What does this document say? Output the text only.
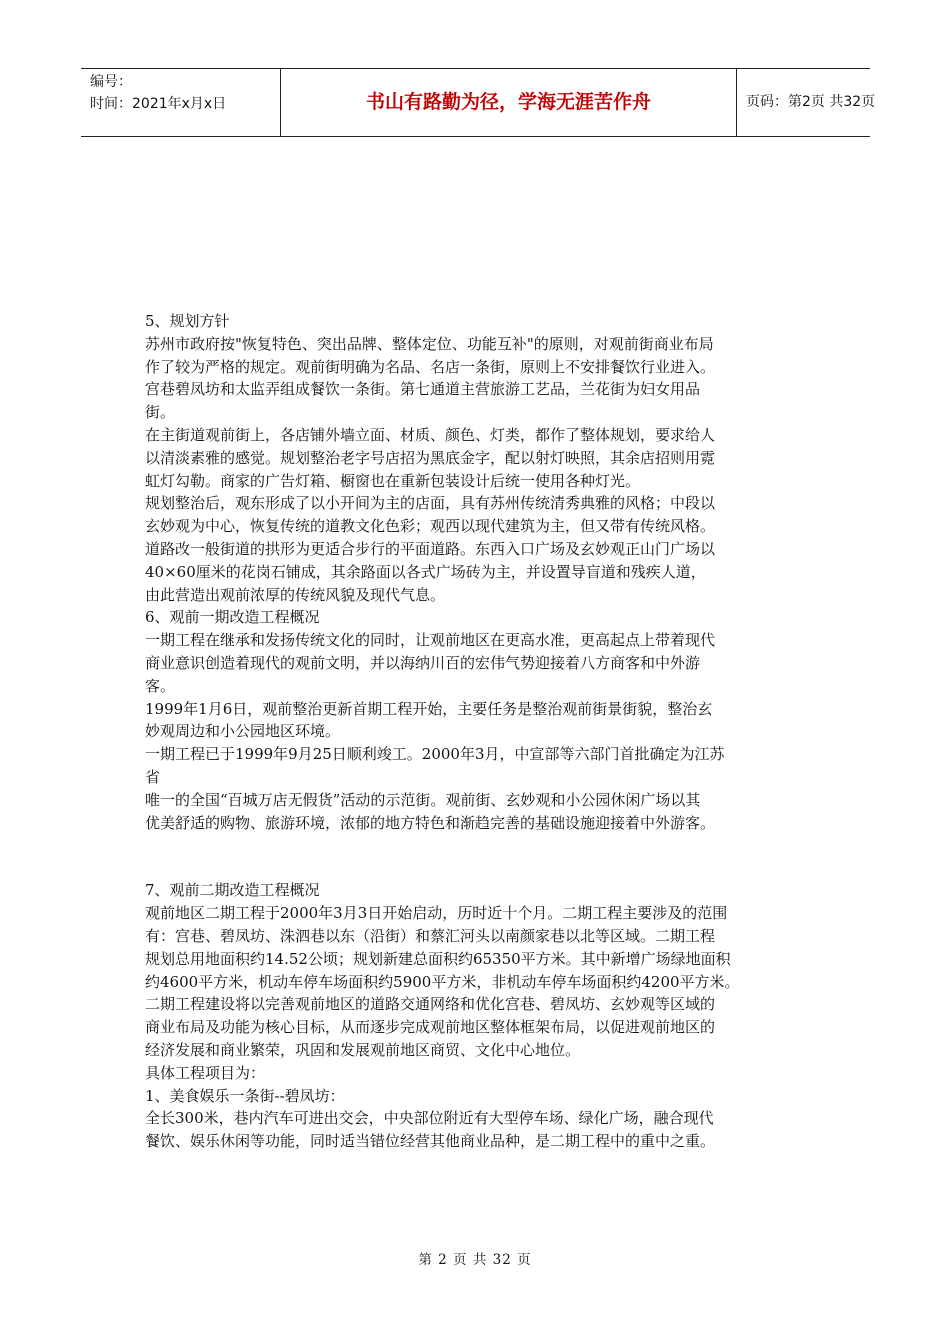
编号：
时间：2021年x月x日	书山有路勤为径，学海无涯苦作舟	页码：第2页 共32页

5、规划方针

苏州市政府按"恢复特色、突出品牌、整体定位、功能互补"的原则，对观前街商业布局

作了较为严格的规定。观前街明确为名品、名店一条街，原则上不安排餐饮行业进入。

宫巷碧凤坊和太监弄组成餐饮一条街。第七通道主营旅游工艺品，兰花街为妇女用品

街。

在主街道观前街上，各店铺外墙立面、材质、颜色、灯类，都作了整体规划，要求给人

以清淡素雅的感觉。规划整治老字号店招为黑底金字，配以射灯映照，其余店招则用霓

虹灯勾勒。商家的广告灯箱、橱窗也在重新包装设计后统一使用各种灯光。

规划整治后，观东形成了以小开间为主的店面，具有苏州传统清秀典雅的风格；中段以

玄妙观为中心，恢复传统的道教文化色彩；观西以现代建筑为主，但又带有传统风格。

道路改一般街道的拱形为更适合步行的平面道路。东西入口广场及玄妙观正山门广场以

40×60厘米的花岗石铺成，其余路面以各式广场砖为主，并设置导盲道和残疾人道，

由此营造出观前浓厚的传统风貌及现代气息。

6、观前一期改造工程概况

一期工程在继承和发扬传统文化的同时，让观前地区在更高水准，更高起点上带着现代

商业意识创造着现代的观前文明，并以海纳川百的宏伟气势迎接着八方商客和中外游

客。

1999年1月6日，观前整治更新首期工程开始，主要任务是整治观前街景街貌，整治玄

妙观周边和小公园地区环境。

一期工程已于1999年9月25日顺利竣工。2000年3月，中宣部等六部门首批确定为江苏

省

唯一的全国“百城万店无假货”活动的示范街。观前街、玄妙观和小公园休闲广场以其

优美舒适的购物、旅游环境，浓郁的地方特色和渐趋完善的基础设施迎接着中外游客。

7、观前二期改造工程概况

观前地区二期工程于2000年3月3日开始启动，历时近十个月。二期工程主要涉及的范围

有：宫巷、碧凤坊、洙泗巷以东（沿街）和蔡汇河头以南颜家巷以北等区域。二期工程

规划总用地面积约14.52公顷；规划新建总面积约65350平方米。其中新增广场绿地面积

约4600平方米，机动车停车场面积约5900平方米，非机动车停车场面积约4200平方米。

二期工程建设将以完善观前地区的道路交通网络和优化宫巷、碧凤坊、玄妙观等区域的

商业布局及功能为核心目标，从而逐步完成观前地区整体框架布局，以促进观前地区的

经济发展和商业繁荣，巩固和发展观前地区商贸、文化中心地位。

具体工程项目为：

1、美食娱乐一条街--碧凤坊：

全长300米，巷内汽车可进出交会，中央部位附近有大型停车场、绿化广场，融合现代

餐饮、娱乐休闲等功能，同时适当错位经营其他商业品种，是二期工程中的重中之重。

第 2 页 共 32 页
